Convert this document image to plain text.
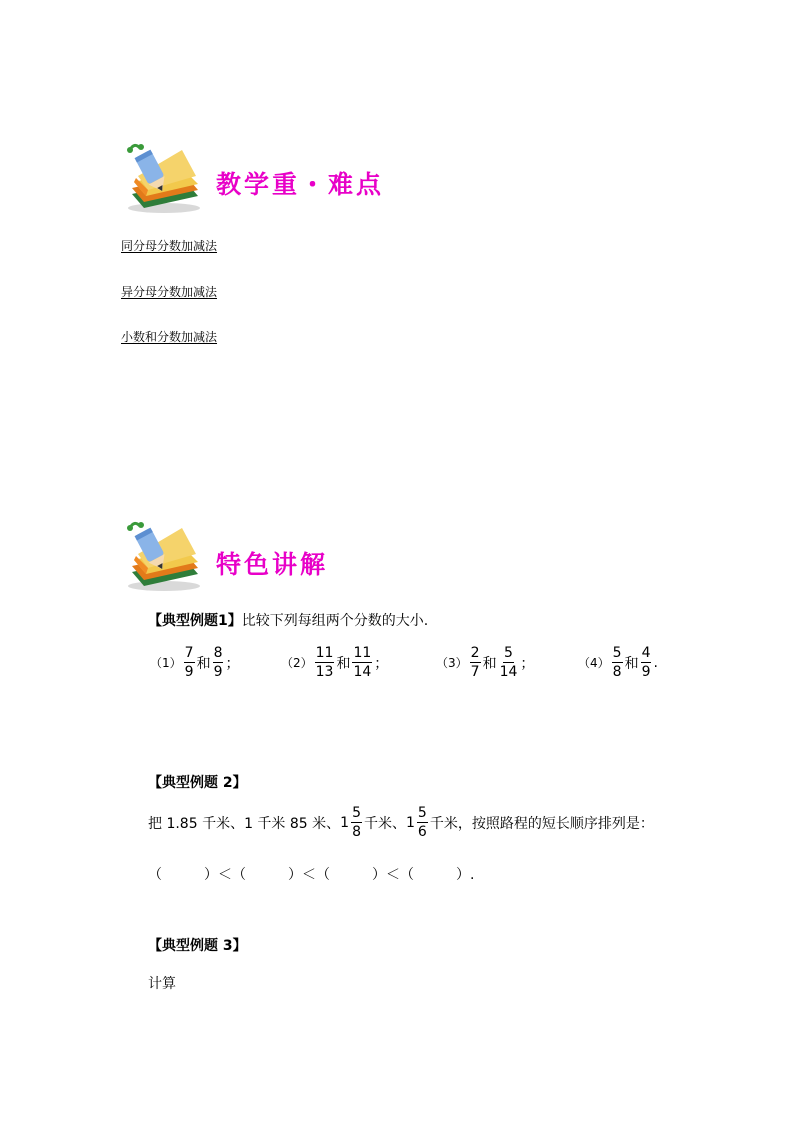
教学重・难点
同分母分数加减法
异分母分数加减法
小数和分数加减法
特色讲解
【典型例题1】 比较下列每组两个分数的大小.
$(1) \frac{7}{9}$ 和 $\frac{8}{9}$ ；	$(2) \frac{11}{13}$ 和 $\frac{11}{14}$ ；	$(3) \frac{2}{7}$ 和 $\frac{5}{14}$ ；	$(4) \frac{5}{8}$ 和 $\frac{4}{9}$ .
【典型例题 2】
把 1.85 千米、1 千米 85 米、 $1 \frac{5}{8}$ 千米、 $1 \frac{5}{6}$ 千米，按照路程的短长顺序排列是：
（　　　）＜（　　　）＜（　　　）＜（　　　）.
【典型例题 3】
计算
